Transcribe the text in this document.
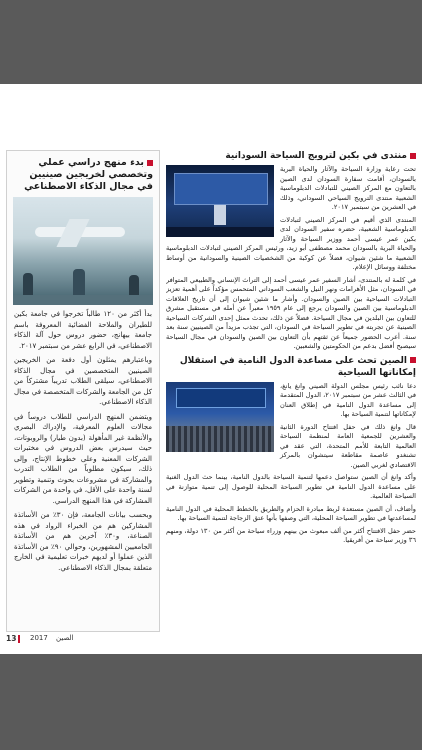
بدء منهج دراسي عملي وتخصصي لخريجين صينيين في مجال الذكاء الاصطناعي

بدأ أكثر من ١٢٠ طالباً تخرجوا في جامعة بكين للطيران والملاحة الفضائية المعروفة باسم جامعة بيهانج، حضور دروس حول آلة الذكاء الاصطناعي، في الرابع عشر من سبتمبر ٢٠١٧.

وباعتبارهم يمثلون أول دفعة من الخريجين الصينيين المتخصصين في مجال الذكاء الاصطناعي، سيلقى الطلاب تدريباً مشتركاً من كل من الجامعة والشركات المتخصصة في مجال الذكاء الاصطناعي.

ويتضمن المنهج الدراسي للطلاب دروساً في مجالات العلوم المعرفية، والإدراك البصري والأنظمة غير المأهولة (بدون طيار) والروبوتات، حيث سيدرس بعض الدروس في مختبرات الشركات المعنية وعلى خطوط الإنتاج، وإلى ذلك، سيكون مطلوباً من الطلاب التدرب والمشاركة في مشروعات بحوث وتنمية وتطوير لسنة واحدة على الأقل، في واحدة من الشركات المشاركة في هذا المنهج الدراسي.

وبحسب بيانات الجامعة، فإن ٣٠٪ من الأساتذة المشاركين هم من الخبراء الرواد في هذه الصناعة، و٣٠٪ آخرين هم من الأساتذة الجامعيين المشهورين، وحوالي ٩٠٪ من الأساتذة الذين عملوا أو لديهم خبرات تعليمية في الخارج متعلقة بمجال الذكاء الاصطناعي.

منتدى في بكين لترويج السياحة السودانية

تحت رعاية وزارة السياحة والآثار والحياة البرية بالسودان، أقامت سفارة السودان لدى الصين بالتعاون مع المركز الصيني للتبادلات الدبلوماسية الشعبية منتدى الترويج السياحي السوداني، وذلك في العشرين من سبتمبر ٢٠١٧.

المنتدى الذي أقيم في المركز الصيني لتبادلات الدبلوماسية الشعبية، حضره سفير السودان لدى بكين عمر عيسى أحمد ووزير السياحة والآثار والحياة البرية بالسودان محمد مصطفى أبو زيد، ورئيس المركز الصيني لتبادلات الدبلوماسية الشعبية ما شئين شيوان، فضلاً عن كوكبة من الشخصيات الصينية والسودانية من أوساط مختلفة ووسائل الإعلام.

في كلمة له بالمنتدى، أشار السفير عمر عيسى أحمد إلى التراث الإنساني والطبيعي المتوافر في السودان، مثل الأهرامات ونهر النيل والشعب السوداني المتحمس مؤكداً على أهمية تعزيز التبادلات السياحية بين الصين والسودان. وأشار ما شئين شيوان إلى أن تاريخ العلاقات الدبلوماسية بين الصين والسودان يرجع إلى عام ١٩٥٩ معبراً عن أمله في مستقبل مشرق للتعاون بين البلدين في مجال السياحة. فضلاً عن ذلك، تحدث ممثل إحدى الشركات السياحية الصينية عن تجربته في تطوير السياحة في السودان، التي تجذب مزيداً من الصينيين سنة بعد سنة. أعرب الحضور جميعاً عن ثقتهم بأن التعاون بين الصين والسودان في مجال السياحة سيصبح أفضل بدعم من الحكومتين والشعبين.

الصين تحث على مساعدة الدول النامية في استقلال إمكاناتها السياحية

دعا نائب رئيس مجلس الدولة الصيني وانغ يانغ، في الثالث عشر من سبتمبر ٢٠١٧، الدول المتقدمة إلى مساعدة الدول النامية في إطلاق العنان لإمكاناتها لتنمية السياحة بها.

قال وانغ ذلك في حفل افتتاح الدورة الثانية والعشرين للجمعية العامة لمنظمة السياحة العالمية التابعة للأمم المتحدة، التي عقد في تشنغدو عاصمة مقاطعة سيتشوان بالمركز الاقتصادي لغربي الصين.

وأكد وانغ أن الصين ستواصل دعمها لتنمية السياحة بالدول النامية، بينما حث الدول الغنية على مساعدة الدول النامية في تطوير السياحة المحلية للوصول إلى تنمية متوازنة في السياحة العالمية.

وأضاف، أن الصين مستعدة لربط مبادرة الحزام والطريق بالخطط المحلية في الدول النامية لمساعدتها في تطوير السياحة المحلية، التي وصفها بأنها عتق الزجاجة لتنمية السياحة بها.

حضر حفل الافتتاح أكثر من ألف مبعوث من بينهم وزراء سياحة من أكثر من ١٣٠ دولة، ومنهم ٣٦ وزير سياحة من أفريقيا.

13	2017 الصين
